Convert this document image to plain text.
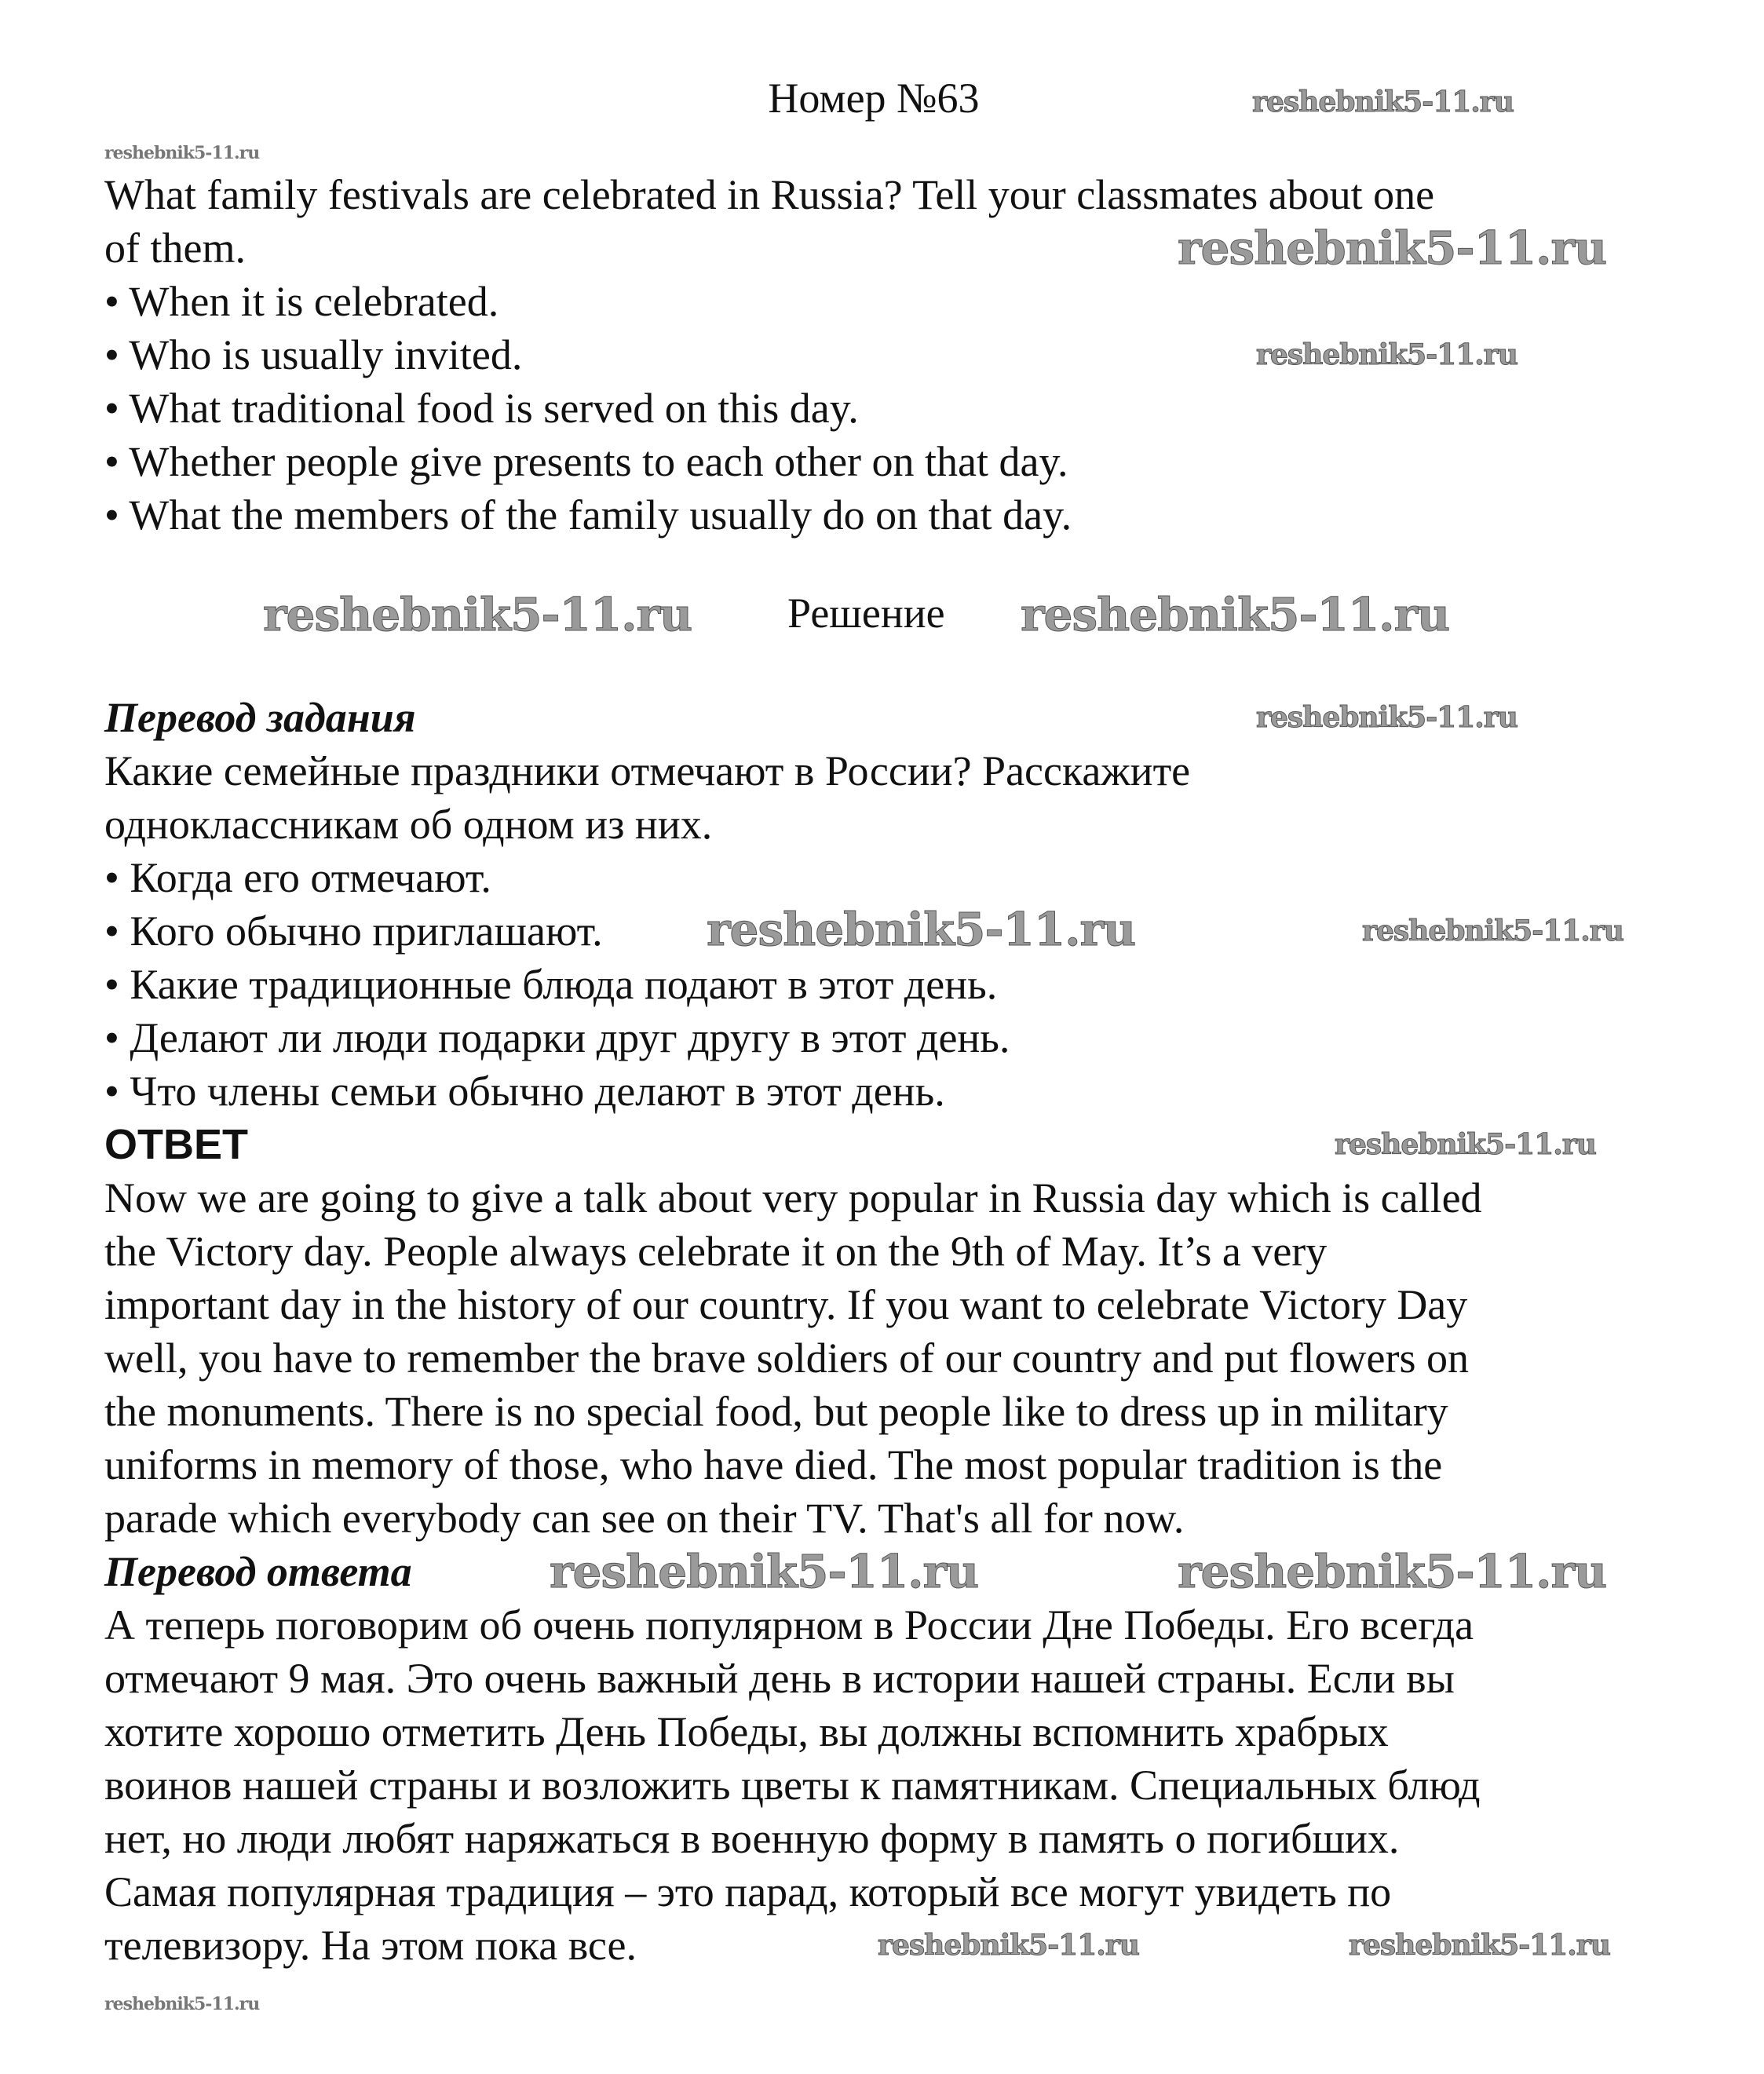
Номер №63
What family festivals are celebrated in Russia? Tell your classmates about one
of them.
• When it is celebrated.
• Who is usually invited.
• What traditional food is served on this day.
• Whether people give presents to each other on that day.
• What the members of the family usually do on that day.
Решение
Перевод задания
Какие семейные праздники отмечают в России? Расскажите
одноклассникам об одном из них.
• Когда его отмечают.
• Кого обычно приглашают.
• Какие традиционные блюда подают в этот день.
• Делают ли люди подарки друг другу в этот день.
• Что члены семьи обычно делают в этот день.
ОТВЕТ
Now we are going to give a talk about very popular in Russia day which is called
the Victory day. People always celebrate it on the 9th of May. It’s a very
important day in the history of our country. If you want to celebrate Victory Day
well, you have to remember the brave soldiers of our country and put flowers on
the monuments. There is no special food, but people like to dress up in military
uniforms in memory of those, who have died. The most popular tradition is the
parade which everybody can see on their TV. That's all for now.
Перевод ответа
А теперь поговорим об очень популярном в России Дне Победы. Его всегда
отмечают 9 мая. Это очень важный день в истории нашей страны. Если вы
хотите хорошо отметить День Победы, вы должны вспомнить храбрых
воинов нашей страны и возложить цветы к памятникам. Специальных блюд
нет, но люди любят наряжаться в военную форму в память о погибших.
Самая популярная традиция – это парад, который все могут увидеть по
телевизору. На этом пока все.
reshebnik5-11.ru
reshebnik5-11.ru
reshebnik5-11.ru
reshebnik5-11.ru
reshebnik5-11.ru	reshebnik5-11.ru
reshebnik5-11.ru
reshebnik5-11.ru	reshebnik5-11.ru
reshebnik5-11.ru
reshebnik5-11.ru	reshebnik5-11.ru
reshebnik5-11.ru	reshebnik5-11.ru
reshebnik5-11.ru
